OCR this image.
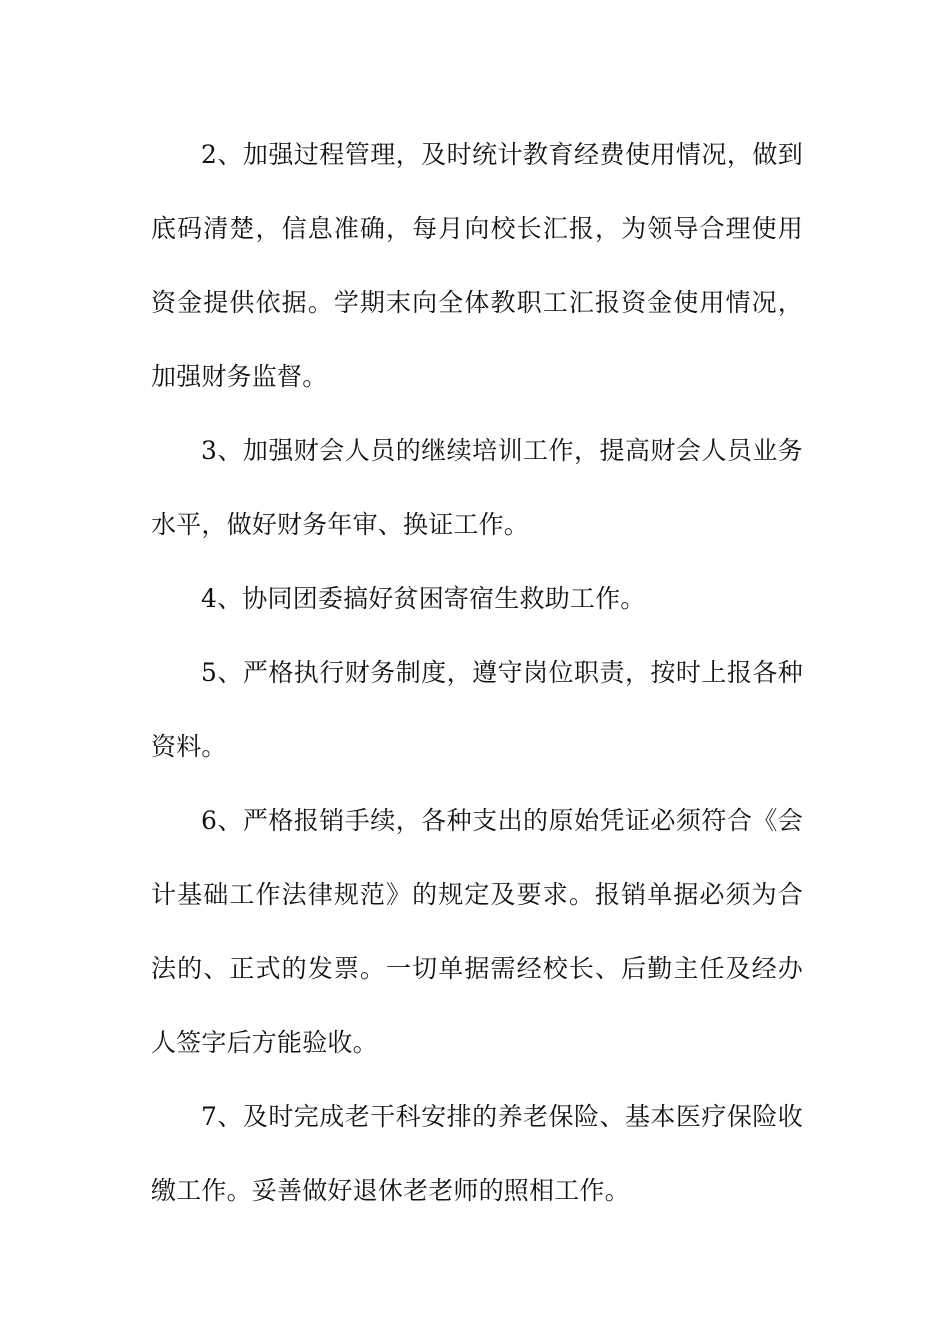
2、加强过程管理，及时统计教育经费使用情况，做到底码清楚，信息准确，每月向校长汇报，为领导合理使用资金提供依据。学期末向全体教职工汇报资金使用情况，加强财务监督。

3、加强财会人员的继续培训工作，提高财会人员业务水平，做好财务年审、换证工作。

4、协同团委搞好贫困寄宿生救助工作。

5、严格执行财务制度，遵守岗位职责，按时上报各种资料。

6、严格报销手续，各种支出的原始凭证必须符合《会计基础工作法律规范》的规定及要求。报销单据必须为合法的、正式的发票。一切单据需经校长、后勤主任及经办人签字后方能验收。

7、及时完成老干科安排的养老保险、基本医疗保险收缴工作。妥善做好退休老老师的照相工作。
